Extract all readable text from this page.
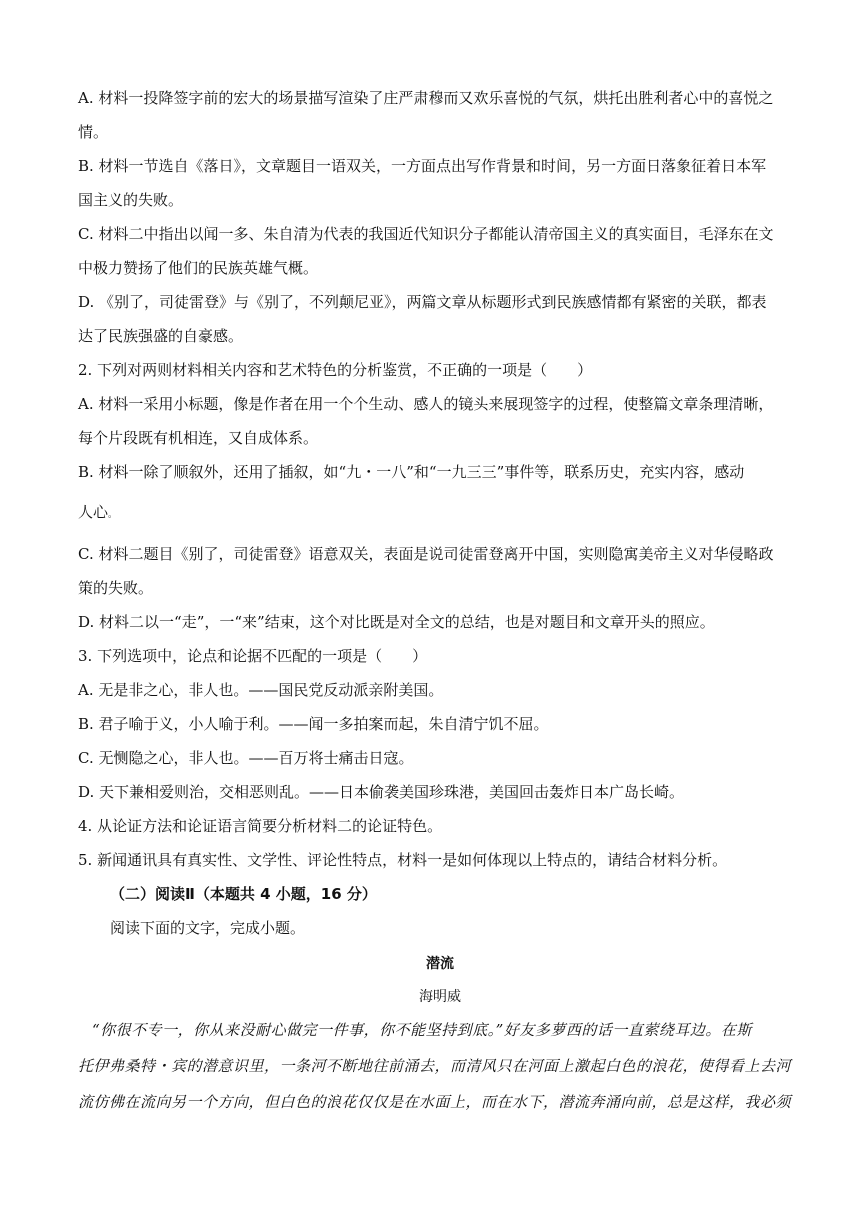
A. 材料一投降签字前的宏大的场景描写渲染了庄严肃穆而又欢乐喜悦的气氛，烘托出胜利者心中的喜悦之
情。
B. 材料一节选自《落日》，文章题目一语双关，一方面点出写作背景和时间，另一方面日落象征着日本军
国主义的失败。
C. 材料二中指出以闻一多、朱自清为代表的我国近代知识分子都能认清帝国主义的真实面目，毛泽东在文
中极力赞扬了他们的民族英雄气概。
D. 《别了，司徒雷登》与《别了，不列颠尼亚》，两篇文章从标题形式到民族感情都有紧密的关联，都表
达了民族强盛的自豪感。
2. 下列对两则材料相关内容和艺术特色的分析鉴赏，不正确的一项是（　　）
A. 材料一采用小标题，像是作者在用一个个生动、感人的镜头来展现签字的过程，使整篇文章条理清晰，
每个片段既有机相连，又自成体系。
B. 材料一除了顺叙外，还用了插叙，如“九・一八”和“一九三三”事件等，联系历史，充实内容，感动
人心。
C. 材料二题目《别了，司徒雷登》语意双关，表面是说司徒雷登离开中国，实则隐寓美帝主义对华侵略政
策的失败。
D. 材料二以一“走”，一“来”结束，这个对比既是对全文的总结，也是对题目和文章开头的照应。
3. 下列选项中，论点和论据不匹配的一项是（　　）
A. 无是非之心，非人也。——国民党反动派亲附美国。
B. 君子喻于义，小人喻于利。——闻一多拍案而起，朱自清宁饥不屈。
C. 无恻隐之心，非人也。——百万将士痛击日寇。
D. 天下兼相爱则治，交相恶则乱。——日本偷袭美国珍珠港，美国回击轰炸日本广岛长崎。
4. 从论证方法和论证语言简要分析材料二的论证特色。
5. 新闻通讯具有真实性、文学性、评论性特点，材料一是如何体现以上特点的，请结合材料分析。
（二）阅读Ⅱ（本题共 4 小题，16 分）
阅读下面的文字，完成小题。
潜流
海明威
“你很不专一，你从来没耐心做完一件事，你不能坚持到底。”好友多萝西的话一直萦绕耳边。在斯
托伊弗桑特・宾的潜意识里，一条河不断地往前涌去，而清风只在河面上激起白色的浪花，使得看上去河
流仿佛在流向另一个方向，但白色的浪花仅仅是在水面上，而在水下，潜流奔涌向前，总是这样，我必须
